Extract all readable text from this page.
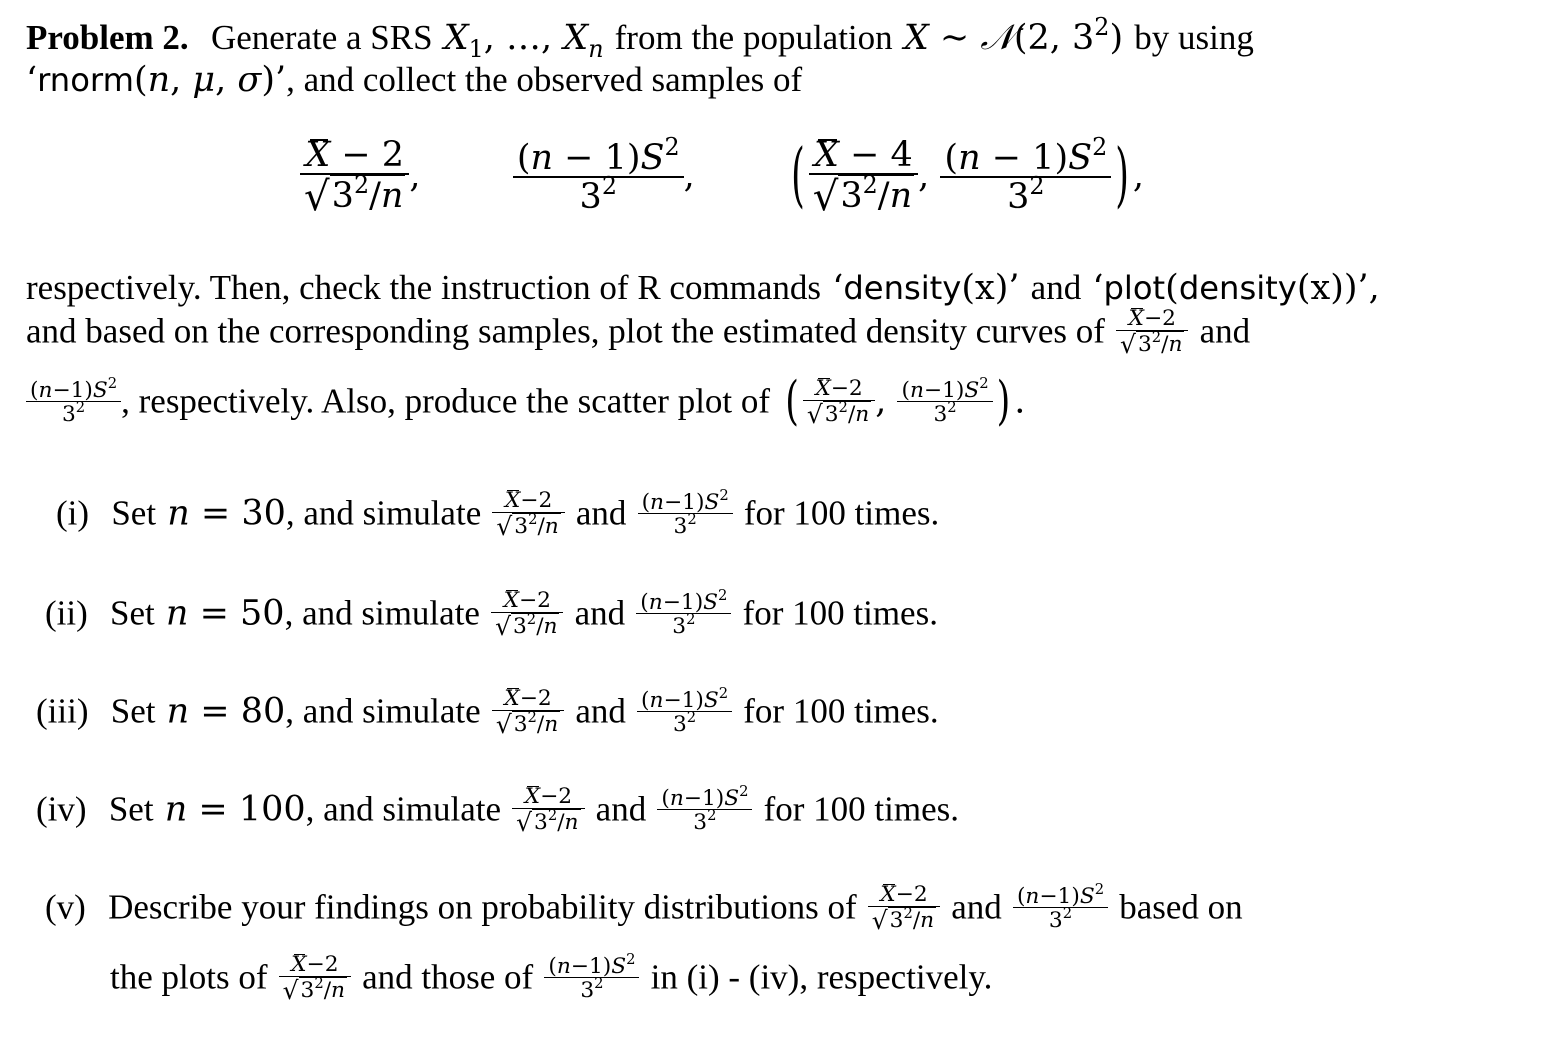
Problem 2. Generate a SRS $X_1$, …, $X_n$ from the population X ∼ 𝒩(2, $3^2$) by using
‘rnorm(n, μ, σ)’, and collect the observed samples of
$\frac{X - 2}{√3^2/n}$ , $\frac{(n - 1)S^2}{3^2}$ ,  ( $\frac{X - 4}{√3^2/n}$ , $\frac{(n - 1)S^2}{3^2}$ ) ,
respectively. Then, check the instruction of R commands ‘density(x)’ and ‘plot(density(x))’,
and based on the corresponding samples, plot the estimated density curves of $\frac{X-2}{√3^2/n}$ and
$\frac{(n-1)S^2}{3^2}$ , respectively. Also, produce the scatter plot of ( $\frac{X-2}{√3^2/n}$ , $\frac{(n-1)S^2}{3^2}$ ) .
(i) Set n = 30, and simulate $\frac{X-2}{√3^2/n}$ and $\frac{(n-1)S^2}{3^2}$ for 100 times.
(ii) Set n = 50, and simulate $\frac{X-2}{√3^2/n}$ and $\frac{(n-1)S^2}{3^2}$ for 100 times.
(iii) Set n = 80, and simulate $\frac{X-2}{√3^2/n}$ and $\frac{(n-1)S^2}{3^2}$ for 100 times.
(iv) Set n = 100, and simulate $\frac{X-2}{√3^2/n}$ and $\frac{(n-1)S^2}{3^2}$ for 100 times.
(v) Describe your findings on probability distributions of $\frac{X-2}{√3^2/n}$ and $\frac{(n-1)S^2}{3^2}$ based on
the plots of $\frac{X-2}{√3^2/n}$ and those of $\frac{(n-1)S^2}{3^2}$ in (i) - (iv), respectively.
